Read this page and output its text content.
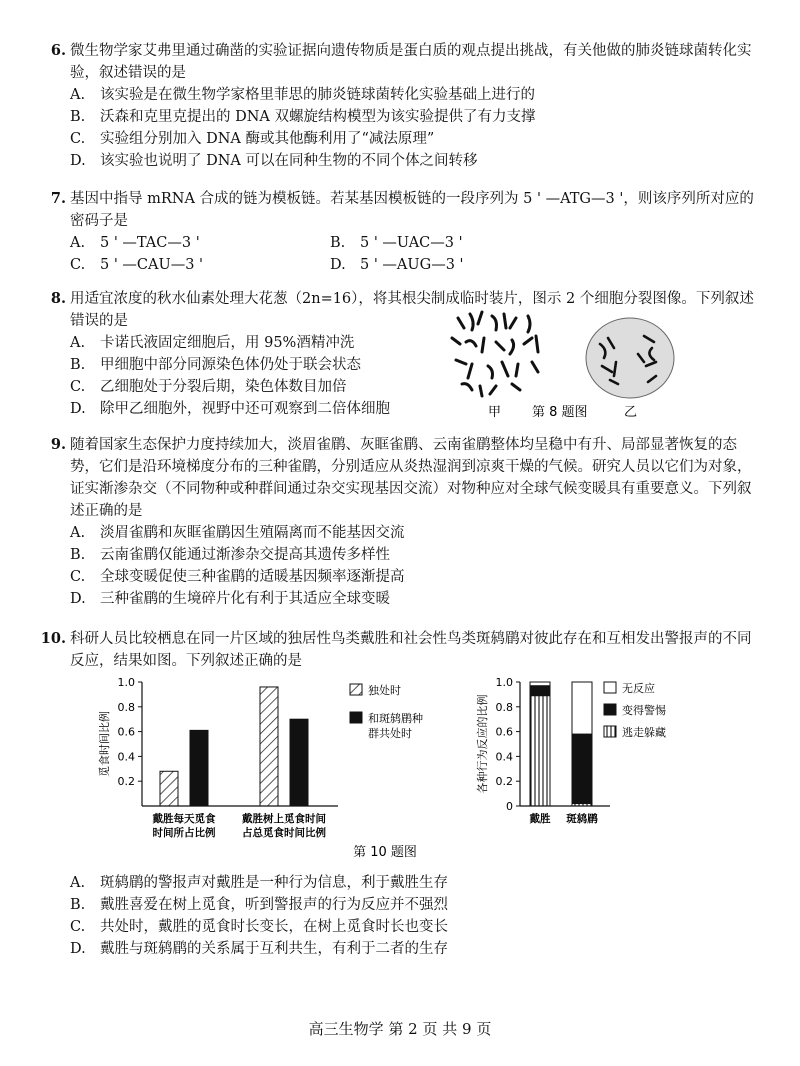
6. 微生物学家艾弗里通过确凿的实验证据向遗传物质是蛋白质的观点提出挑战，有关他做的肺炎链球菌转化实验，叙述错误的是
A. 该实验是在微生物学家格里菲思的肺炎链球菌转化实验基础上进行的
B. 沃森和克里克提出的 DNA 双螺旋结构模型为该实验提供了有力支撑
C. 实验组分别加入 DNA 酶或其他酶利用了“减法原理”
D. 该实验也说明了 DNA 可以在同种生物的不同个体之间转移
7. 基因中指导 mRNA 合成的链为模板链。若某基因模板链的一段序列为 5 ' —ATG—3 '，则该序列所对应的密码子是
A. 5 ' —TAC—3 '	B. 5 ' —UAC—3 '
C. 5 ' —CAU—3 '	D. 5 ' —AUG—3 '
8. 用适宜浓度的秋水仙素处理大花葱（2n=16），将其根尖制成临时装片，图示 2 个细胞分裂图像。下列叙述错误的是
A. 卡诺氏液固定细胞后，用 95%酒精冲洗
B. 甲细胞中部分同源染色体仍处于联会状态
C. 乙细胞处于分裂后期，染色体数目加倍
D. 除甲乙细胞外，视野中还可观察到二倍体细胞	甲 第 8 题图	乙
9. 随着国家生态保护力度持续加大，淡眉雀鹛、灰眶雀鹛、云南雀鹛整体均呈稳中有升、局部显著恢复的态势，它们是沿环境梯度分布的三种雀鹛，分别适应从炎热湿润到凉爽干燥的气候。研究人员以它们为对象，证实渐渗杂交（不同物种或种群间通过杂交实现基因交流）对物种应对全球气候变暖具有重要意义。下列叙述正确的是
A. 淡眉雀鹛和灰眶雀鹛因生殖隔离而不能基因交流
B. 云南雀鹛仅能通过渐渗杂交提高其遗传多样性
C. 全球变暖促使三种雀鹛的适暖基因频率逐渐提高
D. 三种雀鹛的生境碎片化有利于其适应全球变暖
10. 科研人员比较栖息在同一片区域的独居性鸟类戴胜和社会性鸟类斑鸫鹛对彼此存在和互相发出警报声的不同反应，结果如图。下列叙述正确的是
0.2
0.4
0.6
0.8
1.0
觅食时间比例
戴胜每天觅食
时间所占比例
戴胜树上觅食时间
占总觅食时间比例
独处时
和斑鸫鹛种
群共处时
0
0.2
0.4
0.6
0.8
1.0
各种行为反应的比例
戴胜 斑鸫鹛
无反应
变得警惕
逃走躲藏
第 10 题图
A. 斑鸫鹛的警报声对戴胜是一种行为信息，利于戴胜生存
B. 戴胜喜爱在树上觅食，听到警报声的行为反应并不强烈
C. 共处时，戴胜的觅食时长变长，在树上觅食时长也变长
D. 戴胜与斑鸫鹛的关系属于互利共生，有利于二者的生存
高三生物学 第 2 页 共 9 页
